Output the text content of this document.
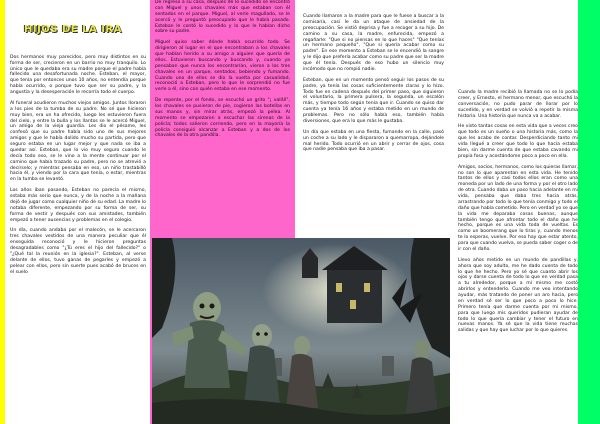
HIJOS DE LA IRA

Dos hermanos muy parecidos, pero muy distintos en su forma de ser, crecieron en un barrio no muy tranquilo. Lo único que le quedaba era su madre porque el padre había fallecido una desafortunada noche. Esteban, el mayor, que tenía por entonces unos 10 años, no entendía porque había ocurrido, o porque tuvo que ser su padre, y la angustia y la desesperación le recorría todo el cuerpo.

Al funeral acudieron muchos viejos amigos. Juntos lloraron a los pies de la tumba de su padre. No sé que hicieron muy bien, era un ha ofrecido, luego les estuvieron fuera del cielo, y entre la bulla y los llantos se le acercó Miguel, un amigo de la vieja guardia. Les dio el pésame, les confesó que su padre había sido uno de sus mejores amigos y que le había dolido mucho su partida, pero que seguro estaba en un lugar mejor y que nada se iba a quedar así. Esteban, que lo vio muy seguro cuando le decía todo eso, se le vino a la mente continuar por el camino que había trazado su padre, pero no se atrevió a decírselo; y mientras pensaba en eso, un niño trastabilló hacia él, y viendo por la cara que tenía, o estar, mientras en la tumba se levantó.

Los años iban pasando, Esteban no parecía el mismo, estaba más serio que nunca, y de la noche a la mañana dejó de jugar como cualquier niño de su edad. La madre lo notaba diferente, empezando por su forma de ser, su forma de vestir y después con sus amistades, también empezó a tener ausencias y problemas en el colegio.

Un día, cuando andaba por el malecón, se le acercaron tres chavales vestidos de una manera peculiar que él enseguida reconoció y le hicieron preguntas desagradables como "¿Tú eres el hijo del fallecido?" o "¿Qué tal la reunión en la iglesia?". Esteban, al verse delante de ellos, tuvo ganas de pegarles y empezó a pelear con ellos, pero sin suerte pues acabó de bruces en el suelo

De regreso a su casa, después de lo sucedido se encontró con Miguel y unos chavales más que estaban con él sentados en el parque. Miguel, al verle magullado, se le acercó y le preguntó preocupado que le había pasado. Esteban le contó lo sucedido y lo que le habían dicho sobre su padre.

Miguel quiso saber dónde había ocurrido todo. Se dirigieron al lugar en el que encontraban a los chavales que habían herido a su amigo a alguien que quería de ellos. Estuvieron buscando y buscando y, cuando ya pensaban que nunca los encontrarían, vieron a los tres chavales en un parque, sentados, bebiendo y fumando. Cuando uno de ellos se dio la vuelta por casualidad, reconoció a Esteban, pero lo que le sorprendió no fue verle a él, sino con quién estaba en ese momento.

De repente, por el fondo, se escuchó un grito "¡ vallUl", los chavales se pusieron de pie, cogieron las botellas en sus manos y, sin mirar atrás, empezó la pelea. Al momento se empezaron a escuchar las sirenas de la policía; todos salieron corriendo, pero en la mayoría la policía consiguió alcanzar a Esteban y a dos de los chavales de la otra pandilla.

Cuando llamaron a la madre para que le fuese a buscar a la comisaría, casi le da un ataque de ansiedad de la preocupación. Se vistió deprisa y fue a recoger a su hijo. De camino a su casa, la madre, enfurecida, empezó a regañarle: "Que si no piensas en lo que haces" "Que tenías un hermano pequeño", "Que si quería acabar como su padre". En ese momento a Esteban se le encendió la sangre y le dijo que prefería acabar como su padre que ser la madre que él tenía. Después de eso hubo un silencio muy incómodo que no rompió nadie.

Esteban, que en un momento pensó seguir los pasos de su padre, ya tenía las cosas suficientemente claras y lo hizo. Todo fue en cadena después del primer paso, que siguieron el voluntario, la primera pulsera, la segunda, un escalón más, y tiempo todo según tenía que ir. Cuando se quiso dar cuenta ya tenía 16 años y estaba metido en un mundo de problemas. Pero no sólo había eso, también había diversiones, que era lo que más le gustaba.

Un día que estaba en una fiesta, fumando en la calle, pasó un coche a su lado y le dispararon a quemarropa, dejándole mal herido. Todo ocurrió en un abrir y cerrar de ojos, cosa que nadie pensaba que iba a pasar.

Cuando la madre recibió la llamada no se lo podía creer, y Ernesto, el hermano menor, que escuchó la conversación, no pudo parar de llorar por lo sucedido, y en verdad se volvió a repetir la misma historia. Una historia que nunca va a acabar.

He visto tantas cosas en esta vida que a veces creo que todo es un sueño o una historia más, como la que les acabo de contar. Desperdiciando tanto mi vida llegué a creer que todo lo que hacía estaba bien, sin darme cuenta de que estaba cavando mi propia fosa y acostándome poco a poco en ella.

Amigos, socios, hermanos, como los quieras llamar, no son lo que aparentan en esta vida. He tenido tantos de ellos y casi todos ellos eran como una moneda por un lado de una forma y por el otro lado de otra. Cuando daba un paso hacia adelante en mi vida, pensaba que daba tres hacia atrás, arrastrando por todo lo que tenía conmigo y todo el daño que había cometido. Pero en verdad yo se que la vida me deparaba cosas buenas, aunque también tengo que afrontar todo el daño que he hecho, porque es una vida toda de vueltas. Es como un boomerang que lo tiras y, cuando menos te lo esperas, vuelve. Por eso hay que estar atento, para que cuando vuelva, se pueda saber coger o de ir con el daño.

Llevo años metido en un mundo de pandillas y, ahora que soy adulto, me he dado cuenta de todo lo que he hecho. Pero yo sé que cuanto abrir los ojos y darse cuenta de todo lo que en verdad pasa a tu alrededor, porque a mí mismo me costó abrirlos y entenderlo. Cuando me veo intentando ayudar, más tratando de poner un aro hacia, pero en verdad sé ser lo que poco a poco lo hice. Primero tenía que darme cuenta por mi mismo, para que luego mis queridos pudieran ayudar de todo lo que quería cambiar y tener el futuro en nuevas manos. Ya sé que la vida tiene muchas salidas y que hay que luchar por lo que quieres.
